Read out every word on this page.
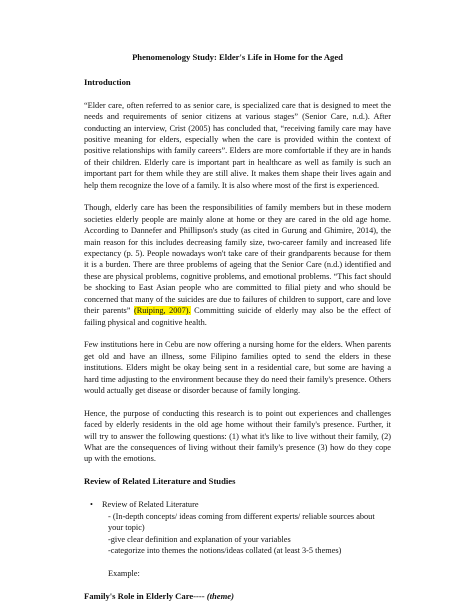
Phenomenology Study: Elder's Life in Home for the Aged
Introduction

“Elder care, often referred to as senior care, is specialized care that is designed to meet the needs and requirements of senior citizens at various stages” (Senior Care, n.d.). After conducting an interview, Crist (2005) has concluded that, “receiving family care may have positive meaning for elders, especially when the care is provided within the context of positive relationships with family careers”. Elders are more comfortable if they are in hands of their children. Elderly care is important part in healthcare as well as family is such an important part for them while they are still alive. It makes them shape their lives again and help them recognize the love of a family. It is also where most of the first is experienced.

Though, elderly care has been the responsibilities of family members but in these modern societies elderly people are mainly alone at home or they are cared in the old age home. According to Dannefer and Phillipson's study (as cited in Gurung and Ghimire, 2014), the main reason for this includes decreasing family size, two-career family and increased life expectancy (p. 5). People nowadays won't take care of their grandparents because for them it is a burden. There are three problems of ageing that the Senior Care (n.d.) identified and these are physical problems, cognitive problems, and emotional problems. “This fact should be shocking to East Asian people who are committed to filial piety and who should be concerned that many of the suicides are due to failures of children to support, care and love their parents” (Ruiping, 2007). Committing suicide of elderly may also be the effect of failing physical and cognitive health.

Few institutions here in Cebu are now offering a nursing home for the elders. When parents get old and have an illness, some Filipino families opted to send the elders in these institutions. Elders might be okay being sent in a residential care, but some are having a hard time adjusting to the environment because they do need their family's presence. Others would actually get disease or disorder because of family longing.

Hence, the purpose of conducting this research is to point out experiences and challenges faced by elderly residents in the old age home without their family's presence. Further, it will try to answer the following questions: (1) what it's like to live without their family, (2) What are the consequences of living without their family's presence (3) how do they cope up with the emotions.

Review of Related Literature and Studies
•	Review of Related Literature
- (In-depth concepts/ ideas coming from different experts/ reliable sources about your topic)
-give clear definition and explanation of your variables
-categorize into themes the notions/ideas collated (at least 3-5 themes)
Example:
Family's Role in Elderly Care---- (theme)
